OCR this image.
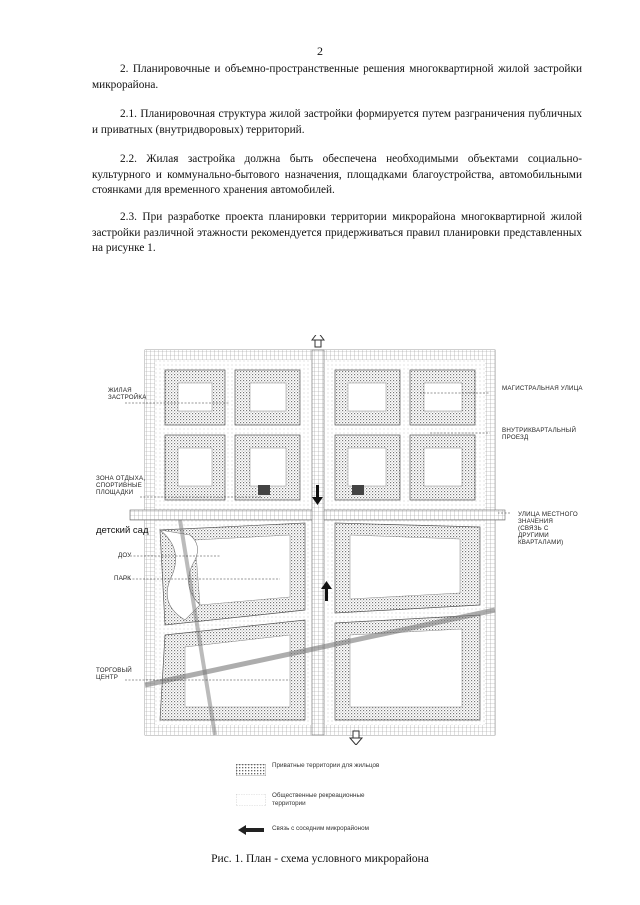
2
2. Планировочные и объемно-пространственные решения многоквартирной жилой застройки микрорайона.
2.1. Планировочная структура жилой застройки формируется путем разграничения публичных и приватных (внутридворовых) территорий.
2.2. Жилая застройка должна быть обеспечена необходимыми объектами социально-культурного и коммунально-бытового назначения, площадками благоустройства, автомобильными стоянками для временного хранения автомобилей.
2.3. При разработке проекта планировки территории микрорайона многоквартирной жилой застройки различной этажности рекомендуется придерживаться правил планировки представленных на рисунке 1.
ЖИЛАЯ ЗАСТРОЙКА
ЗОНА ОТДЫХА, СПОРТИВНЫЕ ПЛОЩАДКИ
детский сад
ДОУ
ПАРК
ТОРГОВЫЙ ЦЕНТР
МАГИСТРАЛЬНАЯ УЛИЦА
ВНУТРИКВАРТАЛЬНЫЙ ПРОЕЗД
УЛИЦА МЕСТНОГО ЗНАЧЕНИЯ (СВЯЗЬ С ДРУГИМИ КВАРТАЛАМИ)
Приватные территории для жильцов
Общественные рекреационные территории
Связь с соседним микрорайоном
Рис. 1. План - схема условного микрорайона
